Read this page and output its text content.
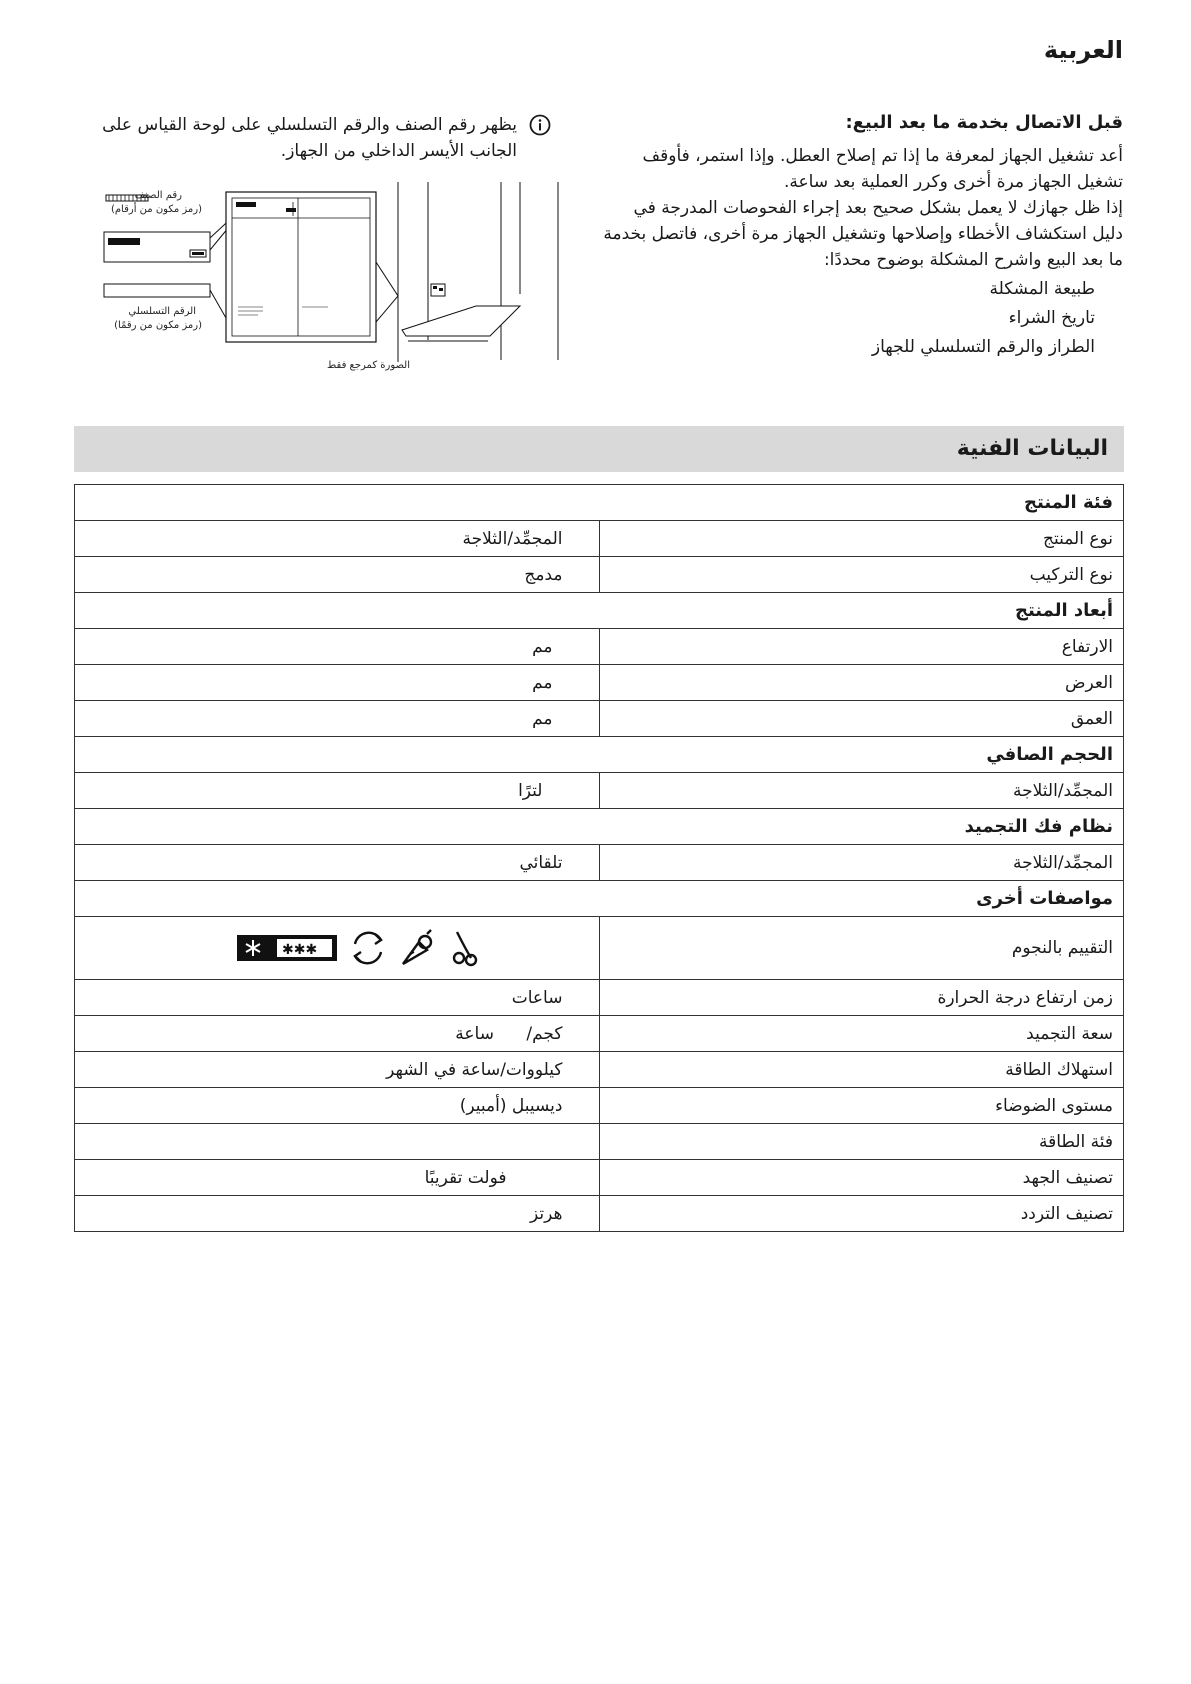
العربية
قبل الاتصال بخدمة ما بعد البيع:

أعد تشغيل الجهاز لمعرفة ما إذا تم إصلاح العطل. وإذا استمر، فأوقف تشغيل الجهاز مرة أخرى وكرر العملية بعد ساعة.

إذا ظل جهازك لا يعمل بشكل صحيح بعد إجراء الفحوصات المدرجة في دليل استكشاف الأخطاء وإصلاحها وتشغيل الجهاز مرة أخرى، فاتصل بخدمة ما بعد البيع واشرح المشكلة بوضوح محددًا:

طبيعة المشكلة
تاريخ الشراء
الطراز والرقم التسلسلي للجهاز

يظهر رقم الصنف والرقم التسلسلي على لوحة القياس على الجانب الأيسر الداخلي من الجهاز.

رقم الصنف
(رمز مكون من أرقام)
الرقم التسلسلي
(رمز مكون من رقمًا)
الصورة كمرجع فقط
البيانات الفنية
فئة المنتج	
نوع المنتج	المجمِّد/الثلاجة
نوع التركيب	مدمج
أبعاد المنتج	
الارتفاع	مم
العرض	مم
العمق	مم
الحجم الصافي	
المجمِّد/الثلاجة	لترًا
نظام فك التجميد	
المجمِّد/الثلاجة	تلقائي
مواصفات أخرى	
التقييم بالنجوم	✱✱✱

زمن ارتفاع درجة الحرارة	ساعات
سعة التجميد	كجم/      ساعة
استهلاك الطاقة	كيلووات/ساعة في الشهر
مستوى الضوضاء	ديسيبل (أمبير)
فئة الطاقة	
تصنيف الجهد	فولت تقريبًا
تصنيف التردد	هرتز
